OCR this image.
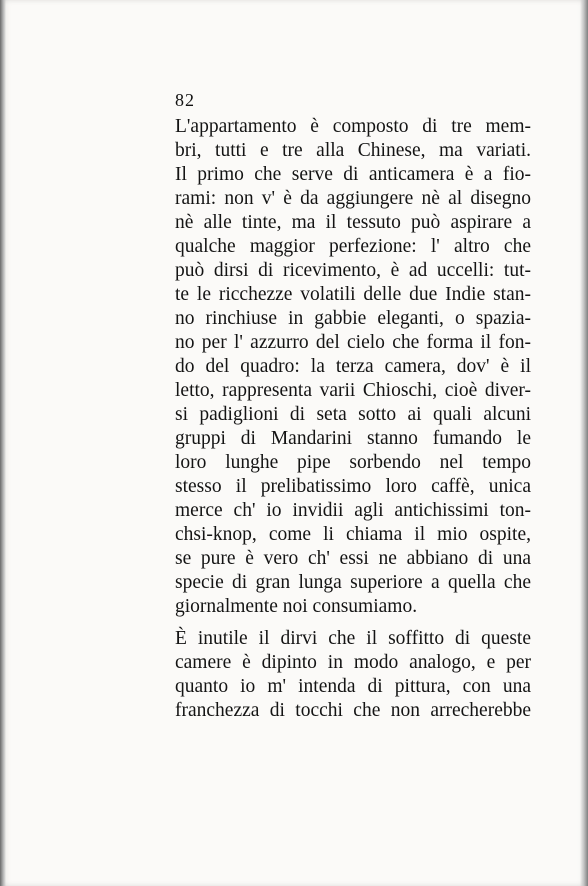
82
L'appartamento è composto di tre mem-
bri, tutti e tre alla Chinese, ma variati.
Il primo che serve di anticamera è a fio-
rami: non v' è da aggiungere nè al disegno
nè alle tinte, ma il tessuto può aspirare a
qualche maggior perfezione: l' altro che
può dirsi di ricevimento, è ad uccelli: tut-
te le ricchezze volatili delle due Indie stan-
no rinchiuse in gabbie eleganti, o spazia-
no per l' azzurro del cielo che forma il fon-
do del quadro: la terza camera, dov' è il
letto, rappresenta varii Chioschi, cioè diver-
si padiglioni di seta sotto ai quali alcuni
gruppi di Mandarini stanno fumando le
loro lunghe pipe sorbendo nel tempo
stesso il prelibatissimo loro caffè, unica
merce ch' io invidii agli antichissimi ton-
chsi-knop, come li chiama il mio ospite,
se pure è vero ch' essi ne abbiano di una
specie di gran lunga superiore a quella che
giornalmente noi consumiamo.
È inutile il dirvi che il soffitto di queste
camere è dipinto in modo analogo, e per
quanto io m' intenda di pittura, con una
franchezza di tocchi che non arrecherebbe
